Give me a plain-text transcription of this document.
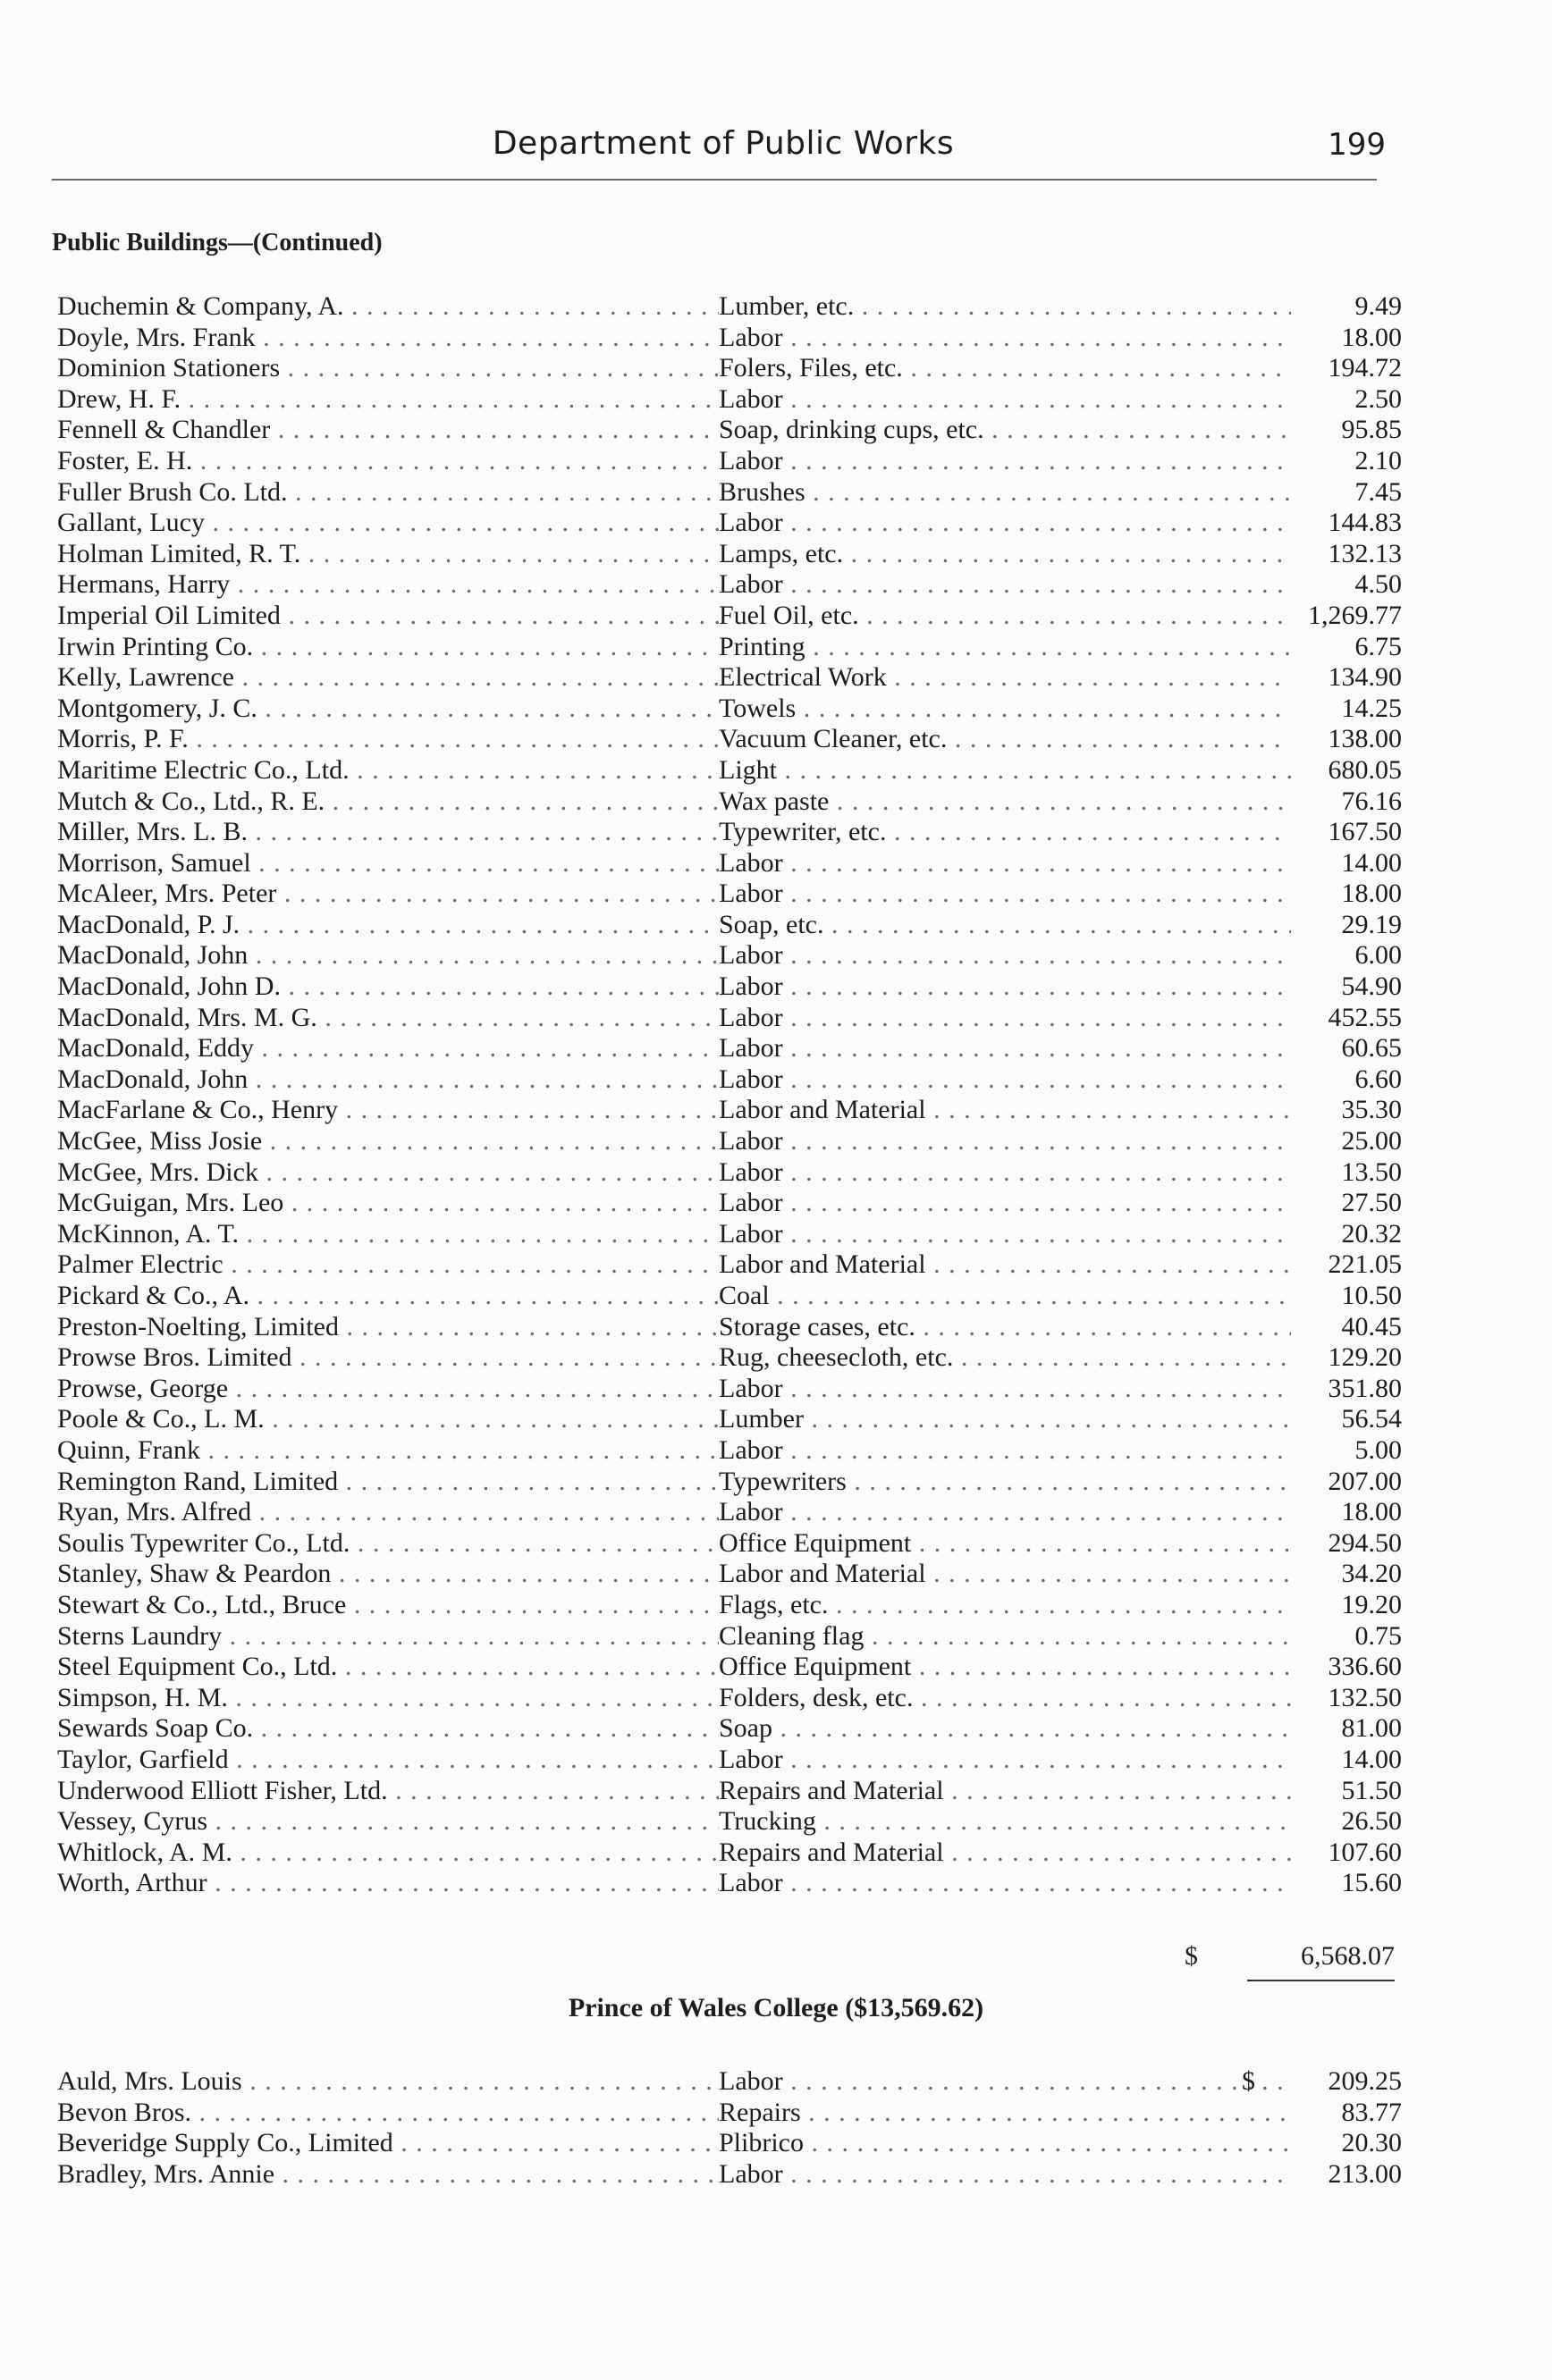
Department of Public Works	199
Public Buildings—(Continued)
Duchemin & Company, A. . . .	Lumber, etc. . . .	9.49
Doyle, Mrs. Frank . . .	Labor . . .	18.00
Dominion Stationers . . .	Folers, Files, etc. . . .	194.72
Drew, H. F. . . .	Labor . . .	2.50
Fennell & Chandler . . .	Soap, drinking cups, etc. . . .	95.85
Foster, E. H. . . .	Labor . . .	2.10
Fuller Brush Co. Ltd. . . .	Brushes . . .	7.45
Gallant, Lucy . . .	Labor . . .	144.83
Holman Limited, R. T. . . .	Lamps, etc. . . .	132.13
Hermans, Harry . . .	Labor . . .	4.50
Imperial Oil Limited . . .	Fuel Oil, etc. . . .	1,269.77
Irwin Printing Co. . . .	Printing . . .	6.75
Kelly, Lawrence . . .	Electrical Work . . .	134.90
Montgomery, J. C. . . .	Towels . . .	14.25
Morris, P. F. . . .	Vacuum Cleaner, etc. . . .	138.00
Maritime Electric Co., Ltd. . . .	Light . . .	680.05
Mutch & Co., Ltd., R. E. . . .	Wax paste . . .	76.16
Miller, Mrs. L. B. . . .	Typewriter, etc. . . .	167.50
Morrison, Samuel . . .	Labor . . .	14.00
McAleer, Mrs. Peter . . .	Labor . . .	18.00
MacDonald, P. J. . . .	Soap, etc. . . .	29.19
MacDonald, John . . .	Labor . . .	6.00
MacDonald, John D. . . .	Labor . . .	54.90
MacDonald, Mrs. M. G. . . .	Labor . . .	452.55
MacDonald, Eddy . . .	Labor . . .	60.65
MacDonald, John . . .	Labor . . .	6.60
MacFarlane & Co., Henry . . .	Labor and Material . . .	35.30
McGee, Miss Josie . . .	Labor . . .	25.00
McGee, Mrs. Dick . . .	Labor . . .	13.50
McGuigan, Mrs. Leo . . .	Labor . . .	27.50
McKinnon, A. T. . . .	Labor . . .	20.32
Palmer Electric . . .	Labor and Material . . .	221.05
Pickard & Co., A. . . .	Coal . . .	10.50
Preston-Noelting, Limited . . .	Storage cases, etc. . . .	40.45
Prowse Bros. Limited . . .	Rug, cheesecloth, etc. . . .	129.20
Prowse, George . . .	Labor . . .	351.80
Poole & Co., L. M. . . .	Lumber . . .	56.54
Quinn, Frank . . .	Labor . . .	5.00
Remington Rand, Limited . . .	Typewriters . . .	207.00
Ryan, Mrs. Alfred . . .	Labor . . .	18.00
Soulis Typewriter Co., Ltd. . . .	Office Equipment . . .	294.50
Stanley, Shaw & Peardon . . .	Labor and Material . . .	34.20
Stewart & Co., Ltd., Bruce . . .	Flags, etc. . . .	19.20
Sterns Laundry . . .	Cleaning flag . . .	0.75
Steel Equipment Co., Ltd. . . .	Office Equipment . . .	336.60
Simpson, H. M. . . .	Folders, desk, etc. . . .	132.50
Sewards Soap Co. . . .	Soap . . .	81.00
Taylor, Garfield . . .	Labor . . .	14.00
Underwood Elliott Fisher, Ltd. . . .	Repairs and Material . . .	51.50
Vessey, Cyrus . . .	Trucking . . .	26.50
Whitlock, A. M. . . .	Repairs and Material . . .	107.60
Worth, Arthur . . .	Labor . . .	15.60
$	6,568.07
Prince of Wales College ($13,569.62)
Auld, Mrs. Louis . . .	Labor . . .	$	209.25
Bevon Bros. . . .	Repairs . . .	83.77
Beveridge Supply Co., Limited . . .	Plibrico . . .	20.30
Bradley, Mrs. Annie . . .	Labor . . .	213.00
